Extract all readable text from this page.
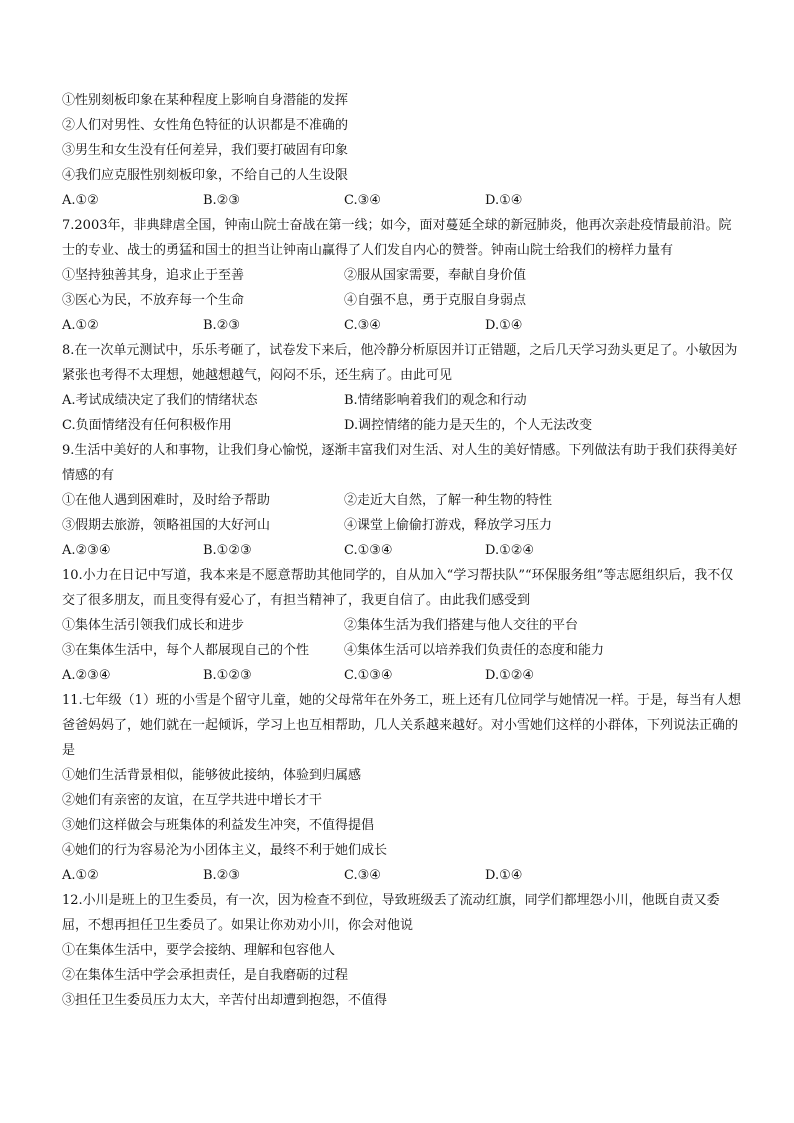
①性别刻板印象在某种程度上影响自身潜能的发挥
②人们对男性、女性角色特征的认识都是不准确的
③男生和女生没有任何差异，我们要打破固有印象
④我们应克服性别刻板印象，不给自己的人生设限
A.①②	B.②③	C.③④	D.①④
7.2003年，非典肆虐全国，钟南山院士奋战在第一线；如今，面对蔓延全球的新冠肺炎，他再次亲赴疫情最前沿。院士的专业、战士的勇猛和国士的担当让钟南山赢得了人们发自内心的赞誉。钟南山院士给我们的榜样力量有
①坚持独善其身，追求止于至善	②服从国家需要，奉献自身价值
③医心为民，不放弃每一个生命	④自强不息，勇于克服自身弱点
A.①②	B.②③	C.③④	D.①④
8.在一次单元测试中，乐乐考砸了，试卷发下来后，他冷静分析原因并订正错题，之后几天学习劲头更足了。小敏因为紧张也考得不太理想，她越想越气，闷闷不乐，还生病了。由此可见
A.考试成绩决定了我们的情绪状态	B.情绪影响着我们的观念和行动
C.负面情绪没有任何积极作用	D.调控情绪的能力是天生的，个人无法改变
9.生活中美好的人和事物，让我们身心愉悦，逐渐丰富我们对生活、对人生的美好情感。下列做法有助于我们获得美好情感的有
①在他人遇到困难时，及时给予帮助	②走近大自然，了解一种生物的特性
③假期去旅游，领略祖国的大好河山	④课堂上偷偷打游戏，释放学习压力
A.②③④	B.①②③	C.①③④	D.①②④
10.小力在日记中写道，我本来是不愿意帮助其他同学的，自从加入“学习帮扶队”“环保服务组”等志愿组织后，我不仅交了很多朋友，而且变得有爱心了，有担当精神了，我更自信了。由此我们感受到
①集体生活引领我们成长和进步	②集体生活为我们搭建与他人交往的平台
③在集体生活中，每个人都展现自己的个性	④集体生活可以培养我们负责任的态度和能力
A.②③④	B.①②③	C.①③④	D.①②④
11.七年级（1）班的小雪是个留守儿童，她的父母常年在外务工，班上还有几位同学与她情况一样。于是，每当有人想爸爸妈妈了，她们就在一起倾诉，学习上也互相帮助，几人关系越来越好。对小雪她们这样的小群体，下列说法正确的是
①她们生活背景相似，能够彼此接纳，体验到归属感
②她们有亲密的友谊，在互学共进中增长才干
③她们这样做会与班集体的利益发生冲突，不值得提倡
④她们的行为容易沦为小团体主义，最终不利于她们成长
A.①②	B.②③	C.③④	D.①④
12.小川是班上的卫生委员，有一次，因为检查不到位，导致班级丢了流动红旗，同学们都埋怨小川，他既自责又委屈，不想再担任卫生委员了。如果让你劝劝小川，你会对他说
①在集体生活中，要学会接纳、理解和包容他人
②在集体生活中学会承担责任，是自我磨砺的过程
③担任卫生委员压力太大，辛苦付出却遭到抱怨，不值得
